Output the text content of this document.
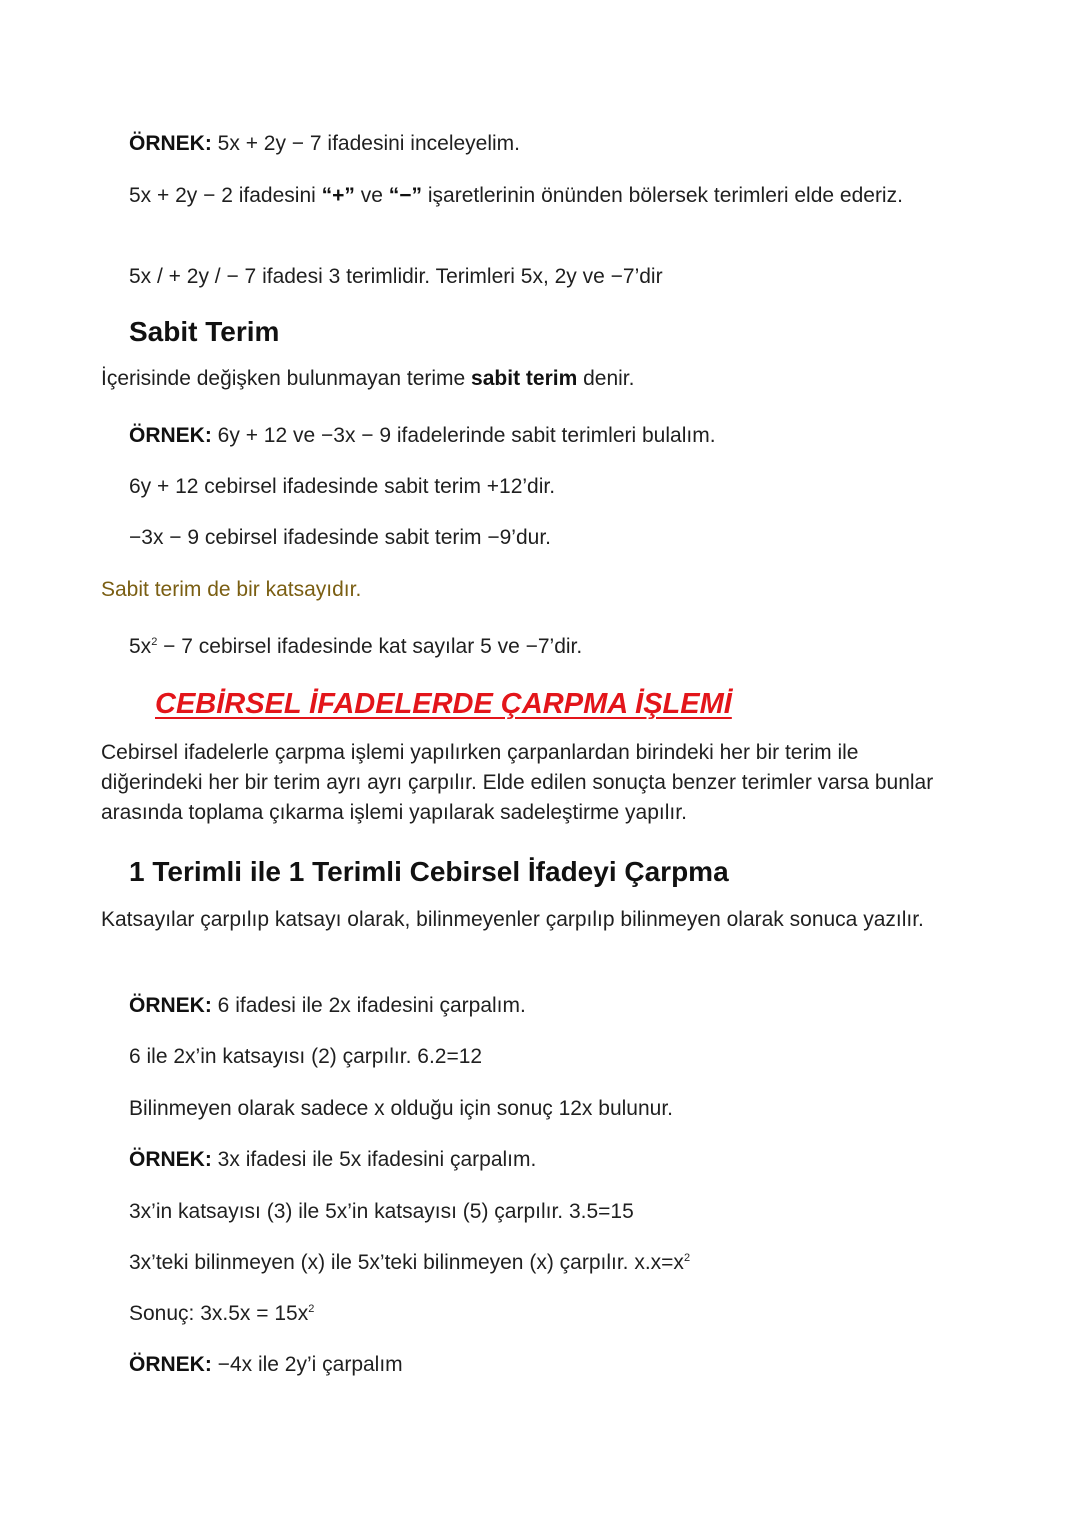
ÖRNEK: 5x + 2y − 7 ifadesini inceleyelim.

5x + 2y − 2 ifadesini “+” ve “−” işaretlerinin önünden bölersek terimleri elde ederiz.

5x / + 2y / − 7 ifadesi 3 terimlidir. Terimleri 5x, 2y ve −7’dir

Sabit Terim

İçerisinde değişken bulunmayan terime sabit terim denir.

ÖRNEK: 6y + 12 ve −3x − 9 ifadelerinde sabit terimleri bulalım.

6y + 12 cebirsel ifadesinde sabit terim +12’dir.

−3x − 9 cebirsel ifadesinde sabit terim −9’dur.

Sabit terim de bir katsayıdır.

$5x^2 - 7$ cebirsel ifadesinde kat sayılar 5 ve −7’dir.

CEBİRSEL İFADELERDE ÇARPMA İŞLEMİ

Cebirsel ifadelerle çarpma işlemi yapılırken çarpanlardan birindeki her bir terim ile diğerindeki her bir terim ayrı ayrı çarpılır. Elde edilen sonuçta benzer terimler varsa bunlar arasında toplama çıkarma işlemi yapılarak sadeleştirme yapılır.

1 Terimli ile 1 Terimli Cebirsel İfadeyi Çarpma

Katsayılar çarpılıp katsayı olarak, bilinmeyenler çarpılıp bilinmeyen olarak sonuca yazılır.

ÖRNEK: 6 ifadesi ile 2x ifadesini çarpalım.

6 ile 2x’in katsayısı (2) çarpılır. 6.2=12

Bilinmeyen olarak sadece x olduğu için sonuç 12x bulunur.

ÖRNEK: 3x ifadesi ile 5x ifadesini çarpalım.

3x’in katsayısı (3) ile 5x’in katsayısı (5) çarpılır. 3.5=15

3x’teki bilinmeyen (x) ile 5x’teki bilinmeyen (x) çarpılır. $x.x=x^2$

Sonuç: $3x.5x = 15x^2$

ÖRNEK: −4x ile 2y’i çarpalım
